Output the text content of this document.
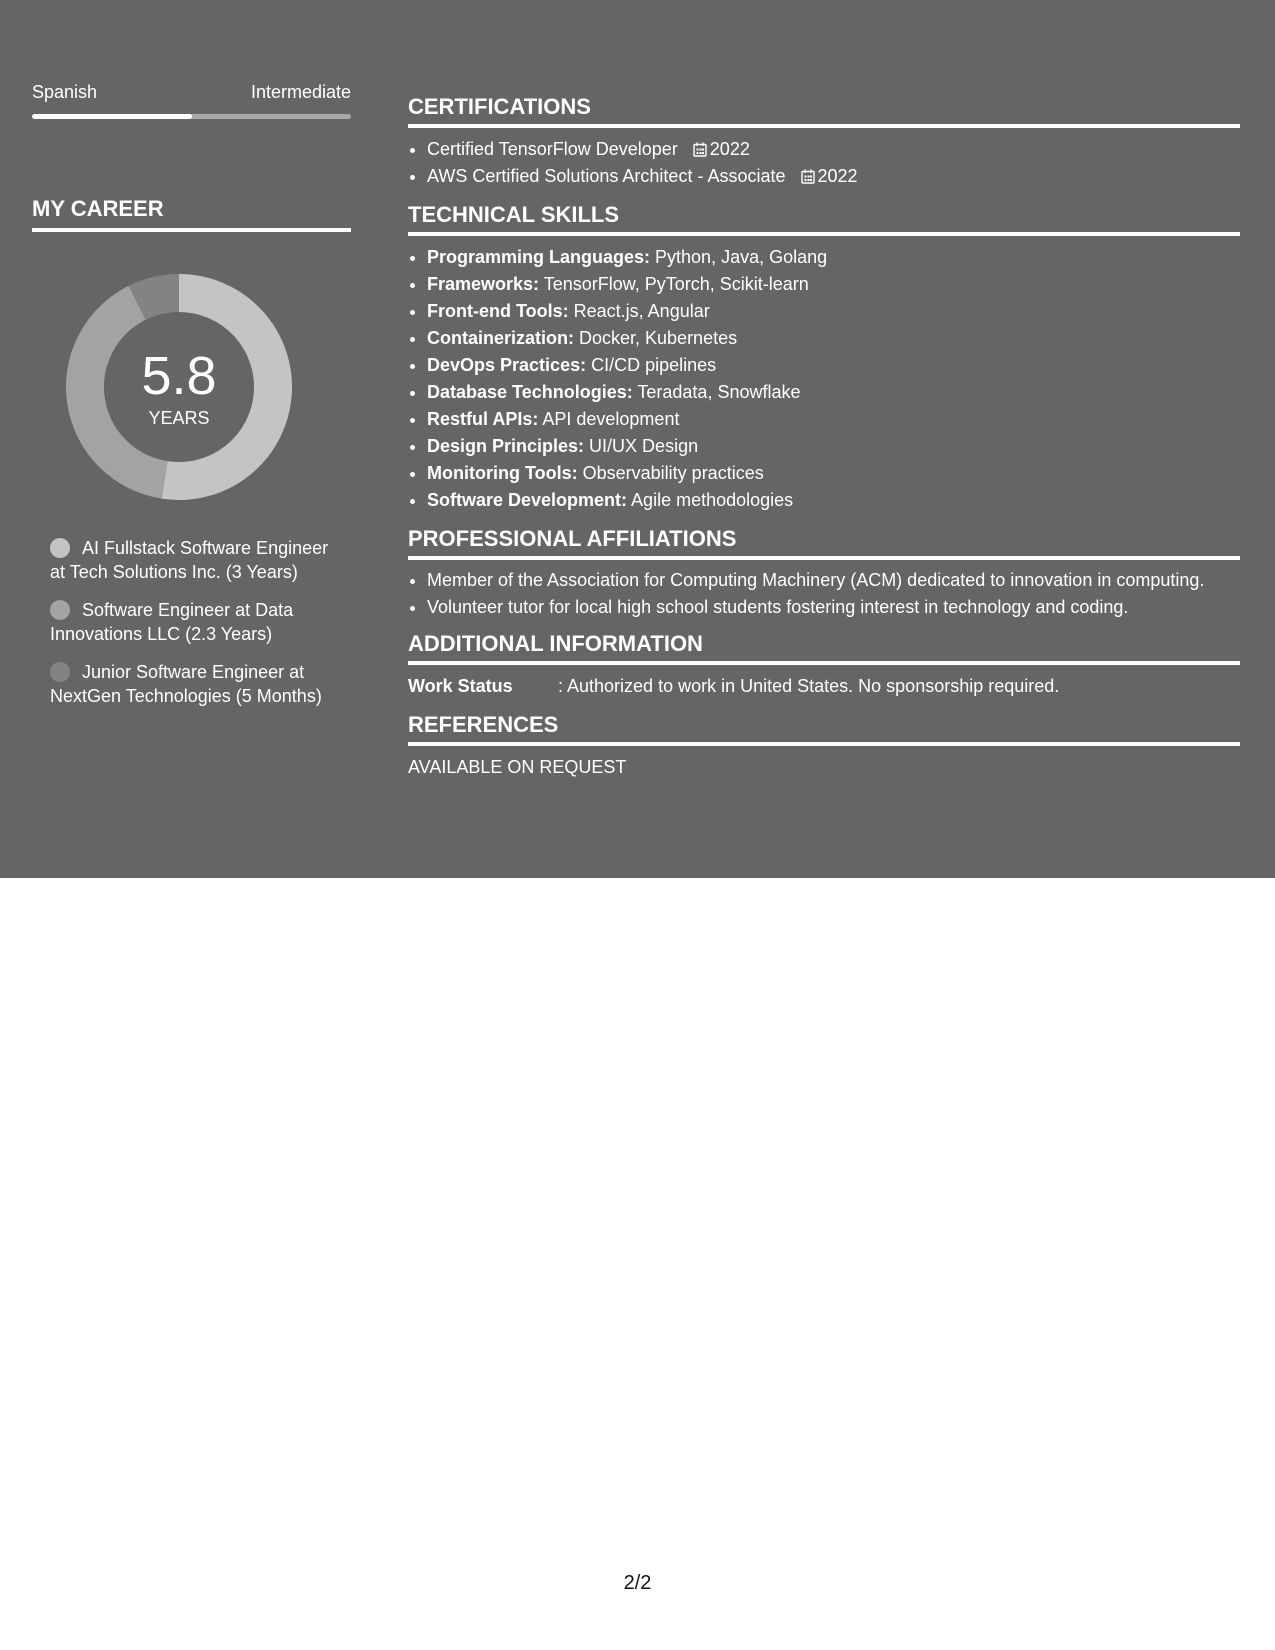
Spanish	Intermediate
MY CAREER
5.8
YEARS
AI Fullstack Software Engineer at Tech Solutions Inc. (3 Years)
Software Engineer at Data Innovations LLC (2.3 Years)
Junior Software Engineer at NextGen Technologies (5 Months)
CERTIFICATIONS
• Certified TensorFlow Developer 2022
• AWS Certified Solutions Architect - Associate 2022
TECHNICAL SKILLS
• Programming Languages: Python, Java, Golang
• Frameworks: TensorFlow, PyTorch, Scikit-learn
• Front-end Tools: React.js, Angular
• Containerization: Docker, Kubernetes
• DevOps Practices: CI/CD pipelines
• Database Technologies: Teradata, Snowflake
• Restful APIs: API development
• Design Principles: UI/UX Design
• Monitoring Tools: Observability practices
• Software Development: Agile methodologies
PROFESSIONAL AFFILIATIONS
• Member of the Association for Computing Machinery (ACM) dedicated to innovation in computing.
• Volunteer tutor for local high school students fostering interest in technology and coding.
ADDITIONAL INFORMATION
Work Status	: Authorized to work in United States. No sponsorship required.
REFERENCES
AVAILABLE ON REQUEST
2/2
